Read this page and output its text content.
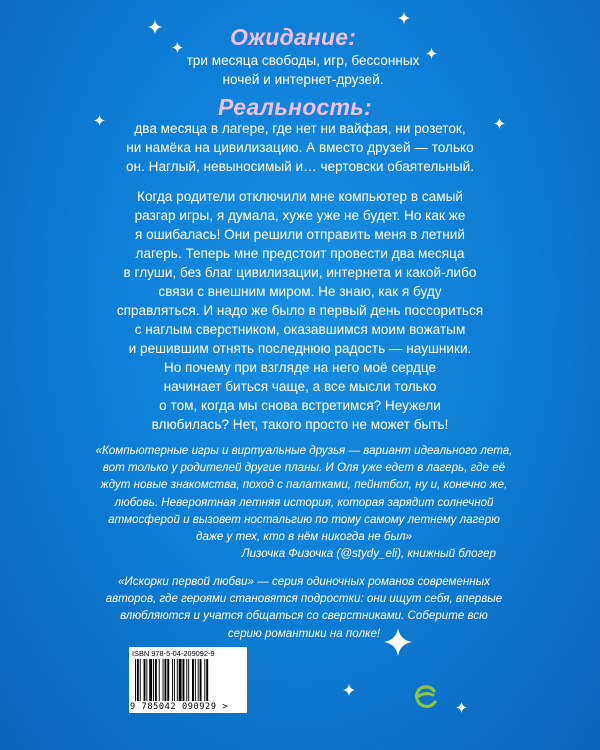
Ожидание:

три месяца свободы, игр, бессонных
ночей и интернет-друзей.

Реальность:

два месяца в лагере, где нет ни вайфая, ни розеток,
ни намёка на цивилизацию. А вместо друзей — только
он. Наглый, невыносимый и… чертовски обаятельный.

Когда родители отключили мне компьютер в самый
разгар игры, я думала, хуже уже не будет. Но как же
я ошибалась! Они решили отправить меня в летний
лагерь. Теперь мне предстоит провести два месяца
в глуши, без благ цивилизации, интернета и какой-либо
связи с внешним миром. Не знаю, как я буду
справляться. И надо же было в первый день поссориться
с наглым сверстником, оказавшимся моим вожатым
и решившим отнять последнюю радость — наушники.
Но почему при взгляде на него моё сердце
начинает биться чаще, а все мысли только
о том, когда мы снова встретимся? Неужели
влюбилась? Нет, такого просто не может быть!

«Компьютерные игры и виртуальные друзья — вариант идеального лета,
вот только у родителей другие планы. И Оля уже едет в лагерь, где её
ждут новые знакомства, поход с палатками, пейнтбол, ну и, конечно же,
любовь. Невероятная летняя история, которая зарядит солнечной
атмосферой и вызовет ностальгию по тому самому летнему лагерю
даже у тех, кто в нём никогда не был»
Лизочка Физочка (@stydy_eli), книжный блогер

«Искорки первой любви» — серия одиночных романов современных
авторов, где героями становятся подростки: они ищут себя, впервые
влюбляются и учатся общаться со сверстниками. Соберите всю
серию романтики на полке!

ISBN 978-5-04-209092-9
9 785042 090929 >
